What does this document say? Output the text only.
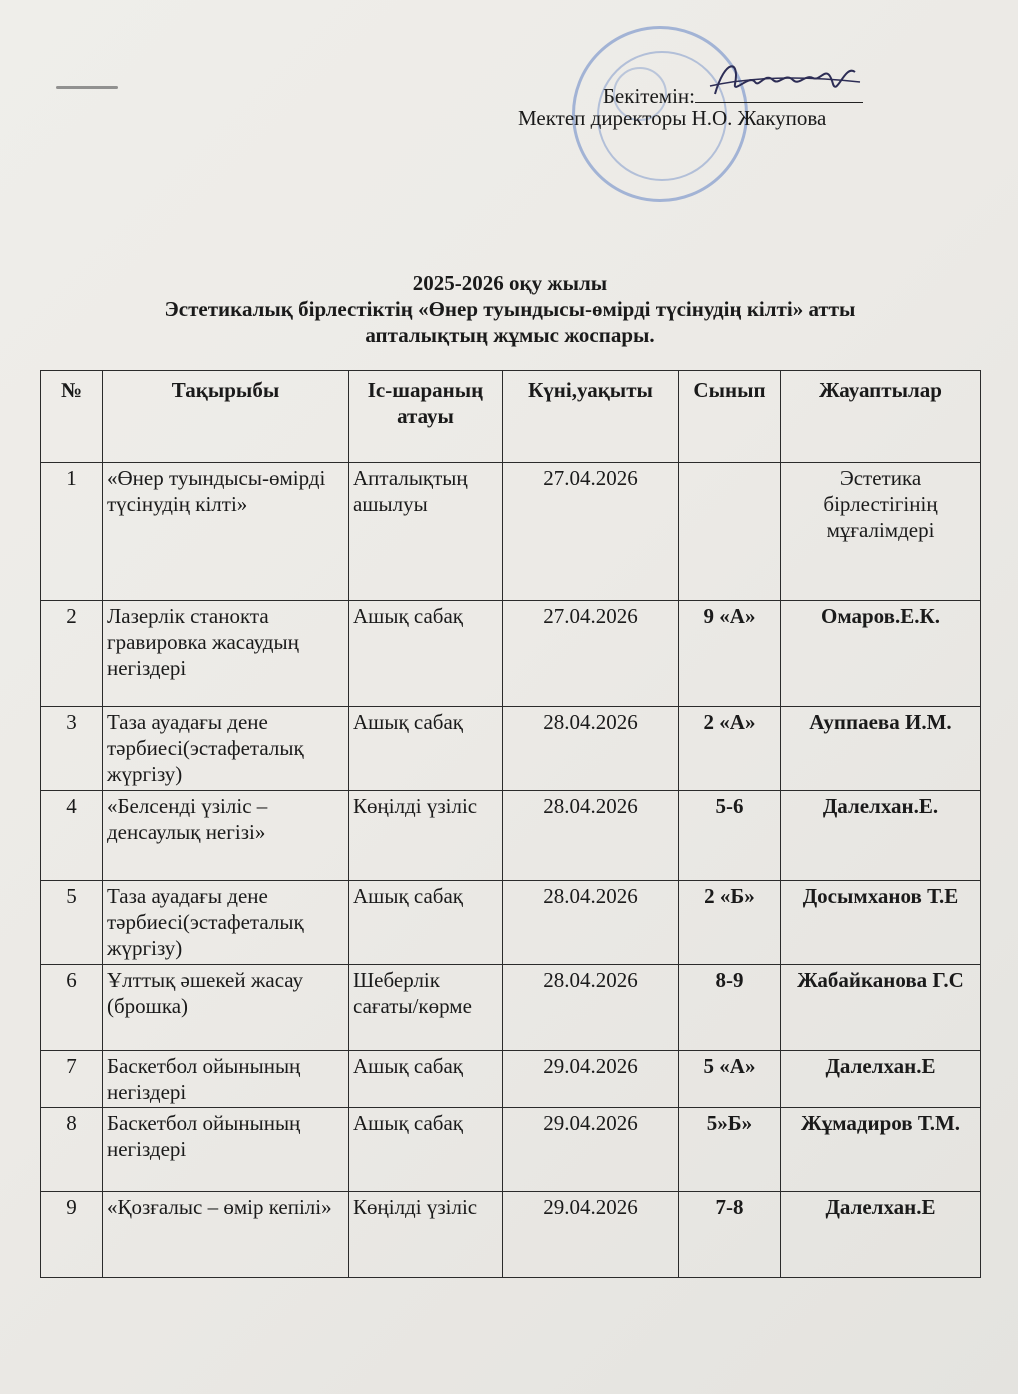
Бекітемін:
Мектеп директоры Н.О. Жакупова
2025-2026 оқу жылы
Эстетикалық бірлестіктің «Өнер туындысы-өмірді түсінудің кілті» атты
апталықтың жұмыс жоспары.
№	Тақырыбы	Іс-шараның атауы	Күні,уақыты	Сынып	Жауаптылар
1	«Өнер туындысы-өмірді түсінудің кілті»	Апталықтың ашылуы	27.04.2026		Эстетика бірлестігінің мұғалімдері
2	Лазерлік станокта гравировка жасаудың негіздері	Ашық сабақ	27.04.2026	9 «А»	Омаров.Е.К.
3	Таза ауадағы дене тәрбиесі(эстафеталық жүргізу)	Ашық сабақ	28.04.2026	2 «А»	Ауппаева И.М.
4	«Белсенді үзіліс – денсаулық негізі»	Көңілді үзіліс	28.04.2026	5-6	Далелхан.Е.
5	Таза ауадағы дене тәрбиесі(эстафеталық жүргізу)	Ашық сабақ	28.04.2026	2 «Б»	Досымханов Т.Е
6	Ұлттық әшекей жасау (брошка)	Шеберлік сағаты/көрме	28.04.2026	8-9	Жабайканова Г.С
7	Баскетбол ойынының негіздері	Ашық сабақ	29.04.2026	5 «А»	Далелхан.Е
8	Баскетбол ойынының негіздері	Ашық сабақ	29.04.2026	5»Б»	Жұмадиров Т.М.
9	«Қозғалыс – өмір кепілі»	Көңілді үзіліс	29.04.2026	7-8	Далелхан.Е
